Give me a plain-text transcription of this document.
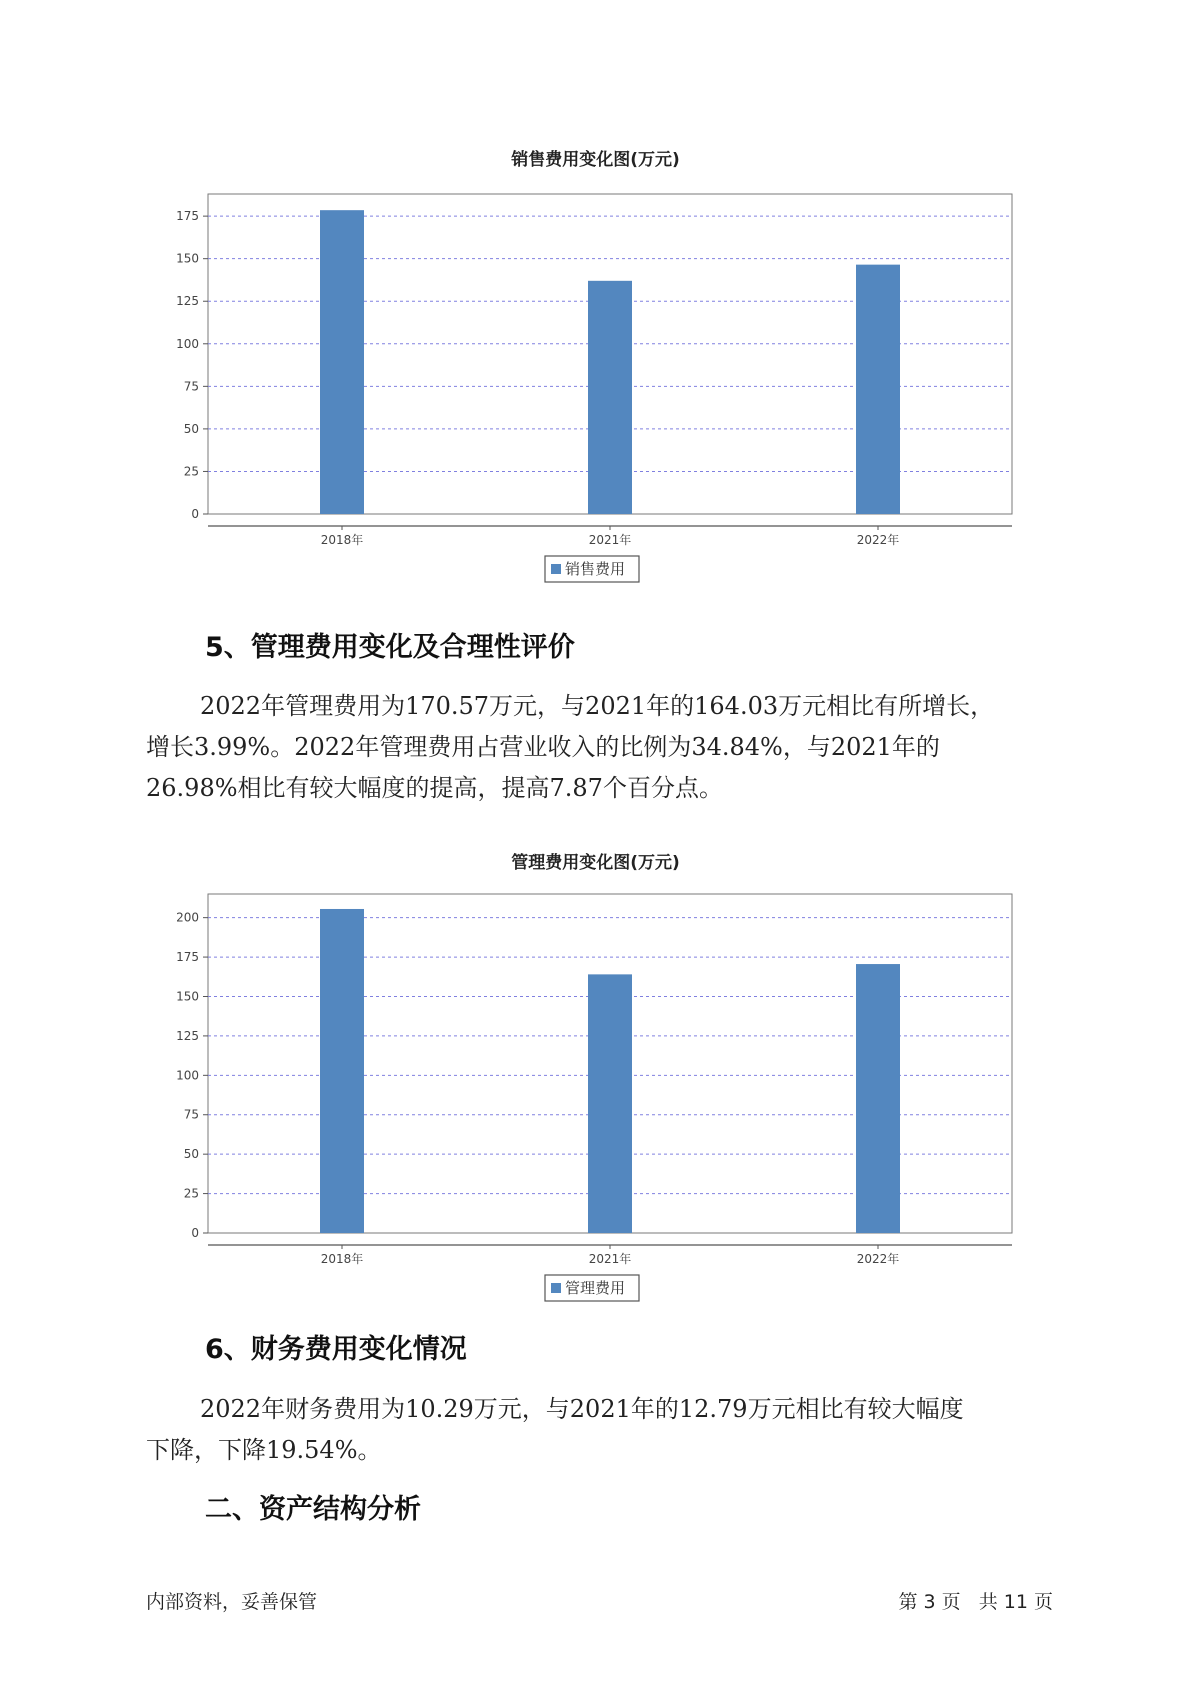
销售费用变化图(万元)
0
25
50
75
100
125
150
175
2018年	2021年	2022年
销售费用
5、管理费用变化及合理性评价
2022年管理费用为170.57万元，与2021年的164.03万元相比有所增长，
增长3.99%。2022年管理费用占营业收入的比例为34.84%，与2021年的
26.98%相比有较大幅度的提高，提高7.87个百分点。
管理费用变化图(万元)
0
25
50
75
100
125
150
175
200
2018年	2021年	2022年
管理费用
6、财务费用变化情况
2022年财务费用为10.29万元，与2021年的12.79万元相比有较大幅度
下降，下降19.54%。
二、资产结构分析
内部资料，妥善保管	第 3 页   共 11 页
